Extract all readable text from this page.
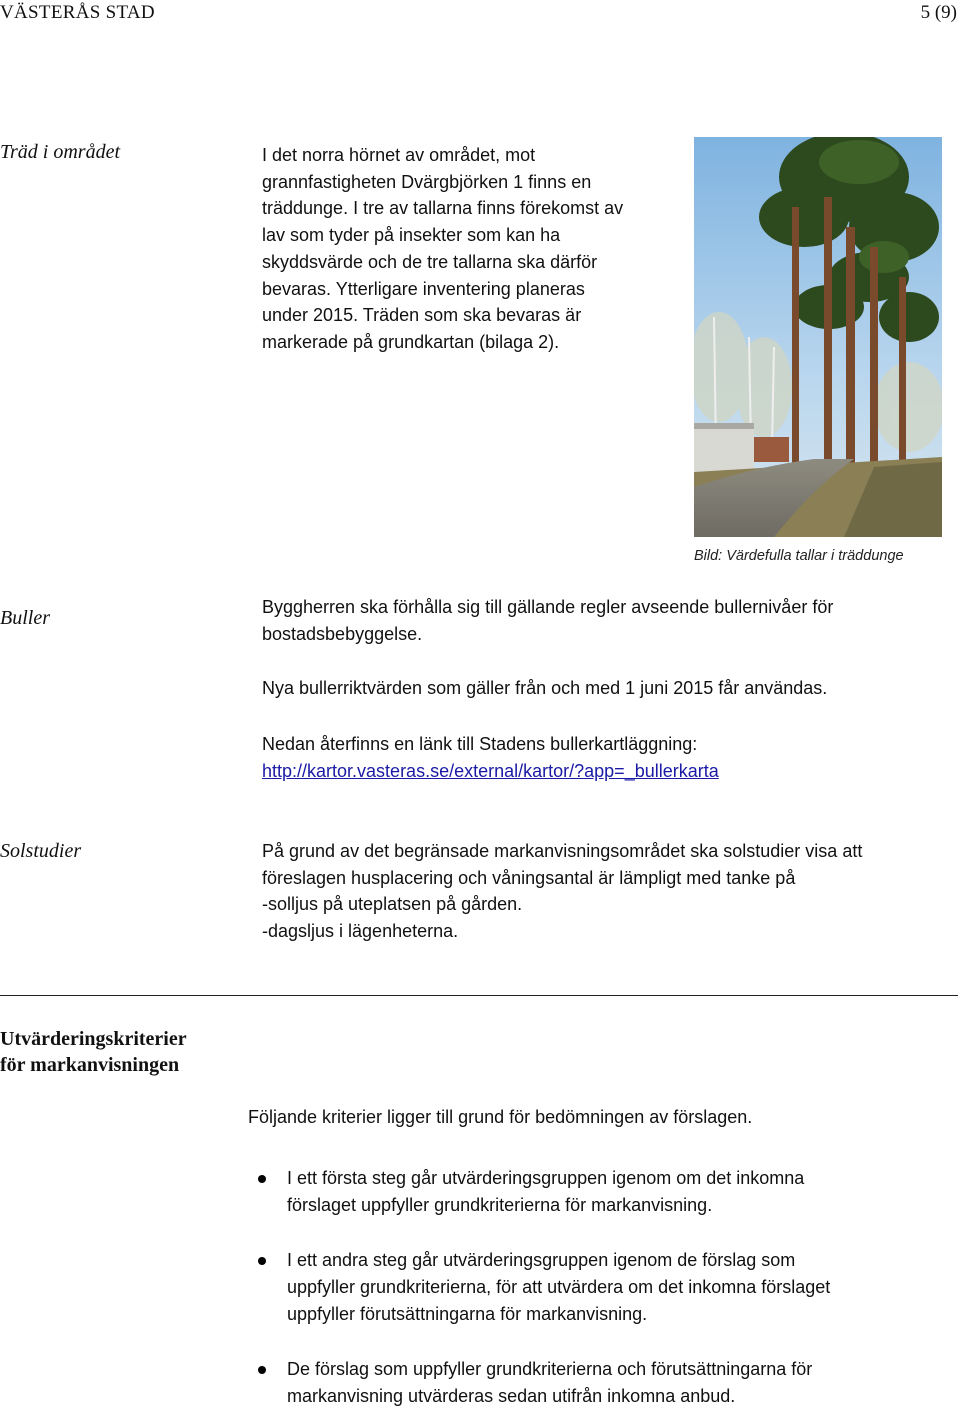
VÄSTERÅS STAD	5 (9)
Träd i området	I det norra hörnet av området, mot
grannfastigheten Dvärgbjörken 1 finns en
träddunge. I tre av tallarna finns förekomst av
lav som tyder på insekter som kan ha
skyddsvärde och de tre tallarna ska därför
bevaras. Ytterligare inventering planeras
under 2015. Träden som ska bevaras är
markerade på grundkartan (bilaga 2).
Bild: Värdefulla tallar i träddunge
Buller	Byggherren ska förhålla sig till gällande regler avseende bullernivåer för
bostadsbebyggelse.
Nya bullerriktvärden som gäller från och med 1 juni 2015 får användas.
Nedan återfinns en länk till Stadens bullerkartläggning:
http://kartor.vasteras.se/external/kartor/?app=_bullerkarta
Solstudier	På grund av det begränsade markanvisningsområdet ska solstudier visa att
föreslagen husplacering och våningsantal är lämpligt med tanke på
-solljus på uteplatsen på gården.
-dagsljus i lägenheterna.
Utvärderingskriterier
för markanvisningen
Följande kriterier ligger till grund för bedömningen av förslagen.
I ett första steg går utvärderingsgruppen igenom om det inkomna
förslaget uppfyller grundkriterierna för markanvisning.
I ett andra steg går utvärderingsgruppen igenom de förslag som
uppfyller grundkriterierna, för att utvärdera om det inkomna förslaget
uppfyller förutsättningarna för markanvisning.
De förslag som uppfyller grundkriterierna och förutsättningarna för
markanvisning utvärderas sedan utifrån inkomna anbud.
